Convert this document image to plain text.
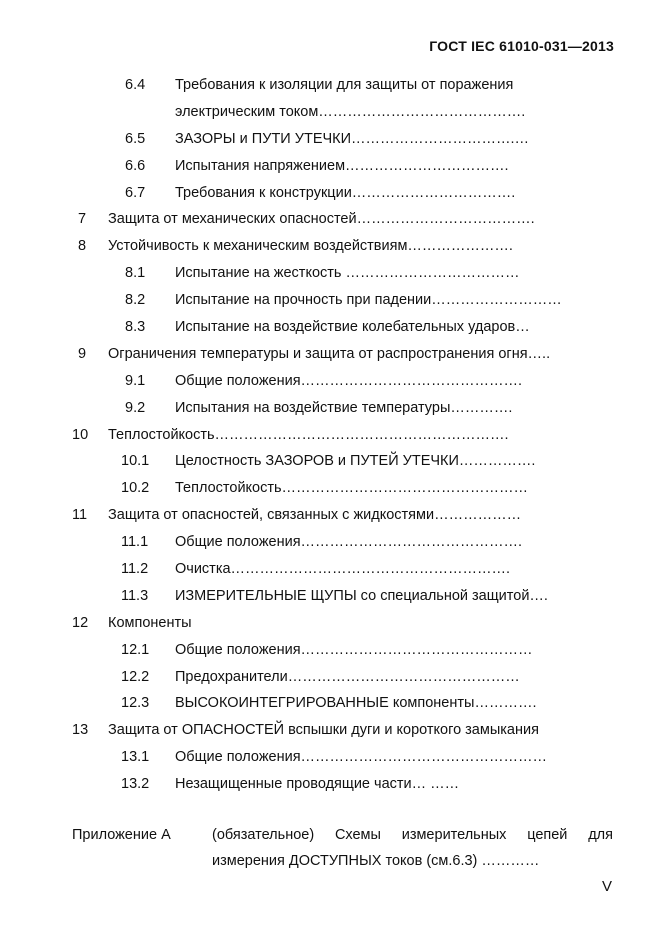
ГОСТ IEC 61010-031—2013
6.4 Требования к изоляции для защиты от поражения
электрическим током…………………………………….
6.5 ЗАЗОРЫ и ПУТИ УТЕЧКИ…………………………….…
6.6 Испытания напряжением…………………………….
6.7 Требования к конструкции…………………………….
7 Защита от механических опасностей……………………………….
8 Устойчивость к механическим воздействиям………………….
8.1 Испытание на жесткость ………………………………
8.2 Испытание на прочность при падении………………………
8.3 Испытание на воздействие колебательных ударов…
9 Ограничения температуры и защита от распространения огня…..
9.1 Общие положения……………………………………….
9.2 Испытания на воздействие температуры………….
10 Теплостойкость…………………………………………………….
10.1 Целостность ЗАЗОРОВ и ПУТЕЙ УТЕЧКИ…………….
10.2 Теплостойкость……………………………………………
11 Защита от опасностей, связанных с жидкостями………………
11.1 Общие положения……………………………………….
11.2 Очистка………………………………………………….
11.3 ИЗМЕРИТЕЛЬНЫЕ ЩУПЫ со специальной защитой….
12 Компоненты
12.1 Общие положения…………………………………………
12.2 Предохранители…………………………………………
12.3 ВЫСОКОИНТЕГРИРОВАННЫЕ компоненты………….
13 Защита от ОПАСНОСТЕЙ вспышки дуги и короткого замыкания
13.1 Общие положения……………………………………………
13.2 Незащищенные проводящие части… ……
Приложение А	(обязательное) Схемы измерительных цепей для
измерения ДОСТУПНЫХ токов (см.6.3) …………
V
